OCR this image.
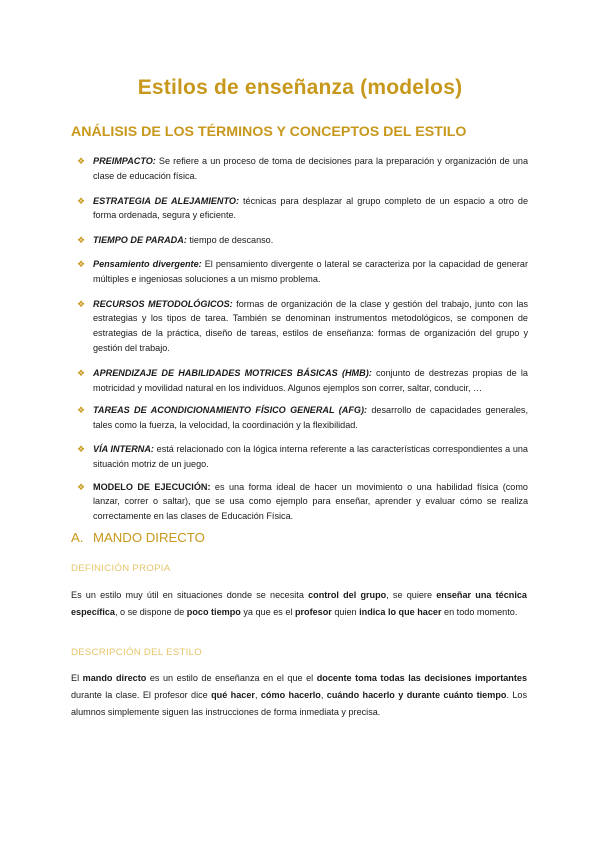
Estilos de enseñanza (modelos)
ANÁLISIS DE LOS TÉRMINOS Y CONCEPTOS DEL ESTILO
❖ PREIMPACTO: Se refiere a un proceso de toma de decisiones para la preparación y organización de una clase de educación física.
❖ ESTRATEGIA DE ALEJAMIENTO: técnicas para desplazar al grupo completo de un espacio a otro de forma ordenada, segura y eficiente.
❖ TIEMPO DE PARADA: tiempo de descanso.
❖ Pensamiento divergente: El pensamiento divergente o lateral se caracteriza por la capacidad de generar múltiples e ingeniosas soluciones a un mismo problema.
❖ RECURSOS METODOLÓGICOS: formas de organización de la clase y gestión del trabajo, junto con las estrategias y los tipos de tarea. También se denominan instrumentos metodológicos, se componen de estrategias de la práctica, diseño de tareas, estilos de enseñanza: formas de organización del grupo y gestión del trabajo.
❖ APRENDIZAJE DE HABILIDADES MOTRICES BÁSICAS (HMB): conjunto de destrezas propias de la motricidad y movilidad natural en los individuos. Algunos ejemplos son correr, saltar, conducir, …
❖ TAREAS DE ACONDICIONAMIENTO FÍSICO GENERAL (AFG): desarrollo de capacidades generales, tales como la fuerza, la velocidad, la coordinación y la flexibilidad.
❖ VÍA INTERNA: está relacionado con la lógica interna referente a las características correspondientes a una situación motriz de un juego.
❖ MODELO DE EJECUCIÓN: es una forma ideal de hacer un movimiento o una habilidad física (como lanzar, correr o saltar), que se usa como ejemplo para enseñar, aprender y evaluar cómo se realiza correctamente en las clases de Educación Física.
A. MANDO DIRECTO
DEFINICIÓN PROPIA

Es un estilo muy útil en situaciones donde se necesita control del grupo, se quiere enseñar una técnica específica, o se dispone de poco tiempo ya que es el profesor quien indica lo que hacer en todo momento.

DESCRIPCIÓN DEL ESTILO

El mando directo es un estilo de enseñanza en el que el docente toma todas las decisiones importantes durante la clase. El profesor dice qué hacer, cómo hacerlo, cuándo hacerlo y durante cuánto tiempo. Los alumnos simplemente siguen las instrucciones de forma inmediata y precisa.
